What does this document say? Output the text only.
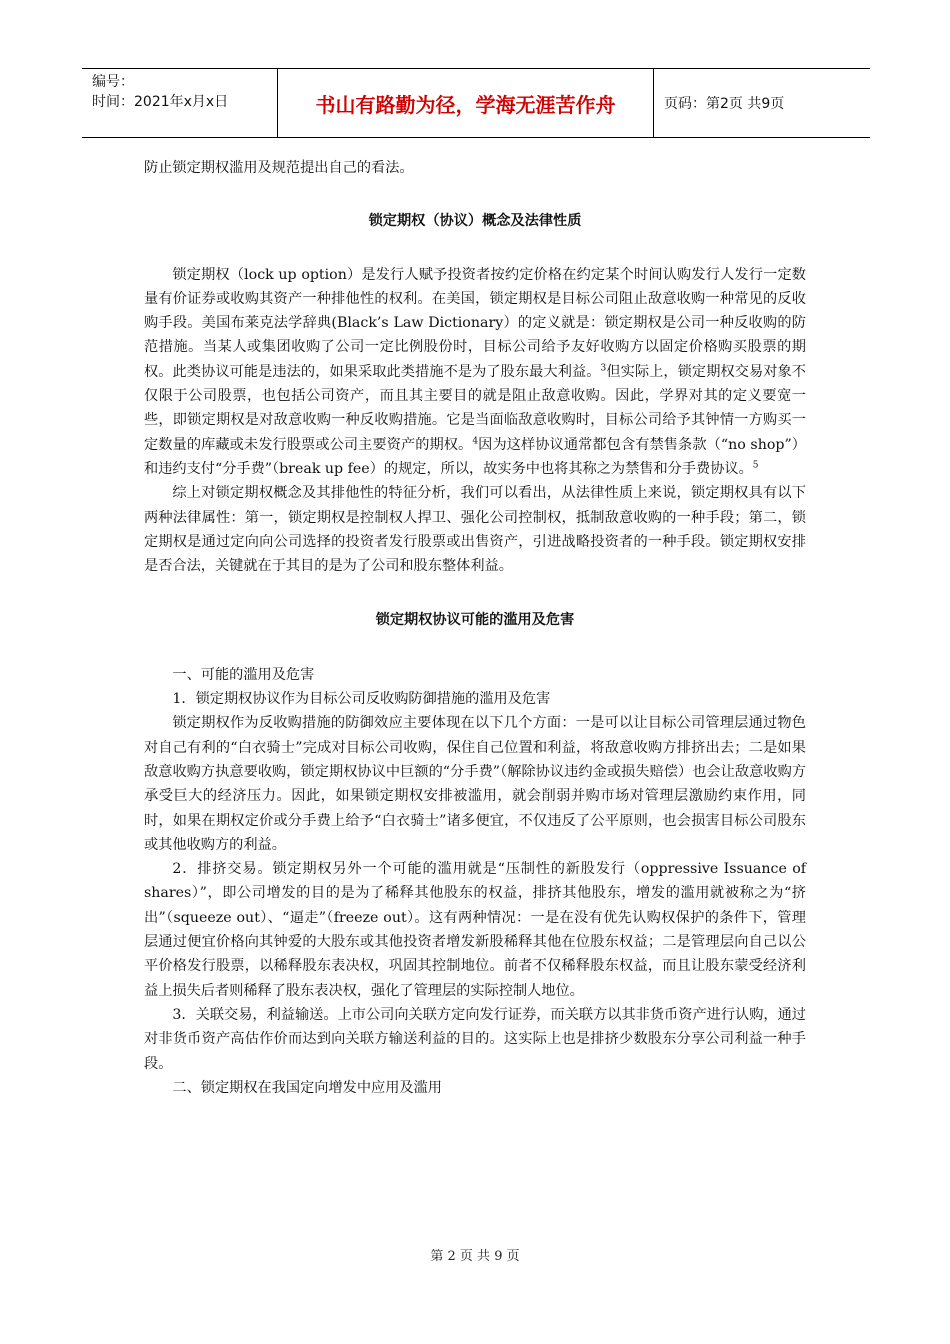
编号：
时间：2021年x月x日	书山有路勤为径，学海无涯苦作舟	页码：第2页 共9页

防止锁定期权滥用及规范提出自己的看法。

锁定期权（协议）概念及法律性质

锁定期权（lock up option）是发行人赋予投资者按约定价格在约定某个时间认购发行人发行一定数量有价证券或收购其资产一种排他性的权利。在美国，锁定期权是目标公司阻止敌意收购一种常见的反收购手段。美国布莱克法学辞典(Black’s Law Dictionary）的定义就是：锁定期权是公司一种反收购的防范措施。当某人或集团收购了公司一定比例股份时，目标公司给予友好收购方以固定价格购买股票的期权。此类协议可能是违法的，如果采取此类措施不是为了股东最大利益。$^3$但实际上，锁定期权交易对象不仅限于公司股票，也包括公司资产，而且其主要目的就是阻止敌意收购。因此，学界对其的定义要宽一些，即锁定期权是对敌意收购一种反收购措施。它是当面临敌意收购时，目标公司给予其钟情一方购买一定数量的库藏或未发行股票或公司主要资产的期权。$^4$因为这样协议通常都包含有禁售条款（“no shop”）和违约支付“分手费”（break up fee）的规定，所以，故实务中也将其称之为禁售和分手费协议。$^5$

综上对锁定期权概念及其排他性的特征分析，我们可以看出，从法律性质上来说，锁定期权具有以下两种法律属性：第一，锁定期权是控制权人捍卫、强化公司控制权，抵制敌意收购的一种手段；第二，锁定期权是通过定向向公司选择的投资者发行股票或出售资产，引进战略投资者的一种手段。锁定期权安排是否合法，关键就在于其目的是为了公司和股东整体利益。

锁定期权协议可能的滥用及危害

一、可能的滥用及危害

1．锁定期权协议作为目标公司反收购防御措施的滥用及危害

锁定期权作为反收购措施的防御效应主要体现在以下几个方面：一是可以让目标公司管理层通过物色对自己有利的“白衣骑士”完成对目标公司收购，保住自己位置和利益，将敌意收购方排挤出去；二是如果敌意收购方执意要收购，锁定期权协议中巨额的“分手费”（解除协议违约金或损失赔偿）也会让敌意收购方承受巨大的经济压力。因此，如果锁定期权安排被滥用，就会削弱并购市场对管理层激励约束作用，同时，如果在期权定价或分手费上给予“白衣骑士”诸多便宜，不仅违反了公平原则，也会损害目标公司股东或其他收购方的利益。

2．排挤交易。锁定期权另外一个可能的滥用就是“压制性的新股发行（oppressive Issuance of shares）”，即公司增发的目的是为了稀释其他股东的权益，排挤其他股东，增发的滥用就被称之为“挤出”（squeeze out）、“逼走”（freeze out）。这有两种情况：一是在没有优先认购权保护的条件下，管理层通过便宜价格向其钟爱的大股东或其他投资者增发新股稀释其他在位股东权益；二是管理层向自己以公平价格发行股票，以稀释股东表决权，巩固其控制地位。前者不仅稀释股东权益，而且让股东蒙受经济利益上损失后者则稀释了股东表决权，强化了管理层的实际控制人地位。

3．关联交易，利益输送。上市公司向关联方定向发行证券，而关联方以其非货币资产进行认购，通过对非货币资产高估作价而达到向关联方输送利益的目的。这实际上也是排挤少数股东分享公司利益一种手段。

二、锁定期权在我国定向增发中应用及滥用

第 2 页 共 9 页
